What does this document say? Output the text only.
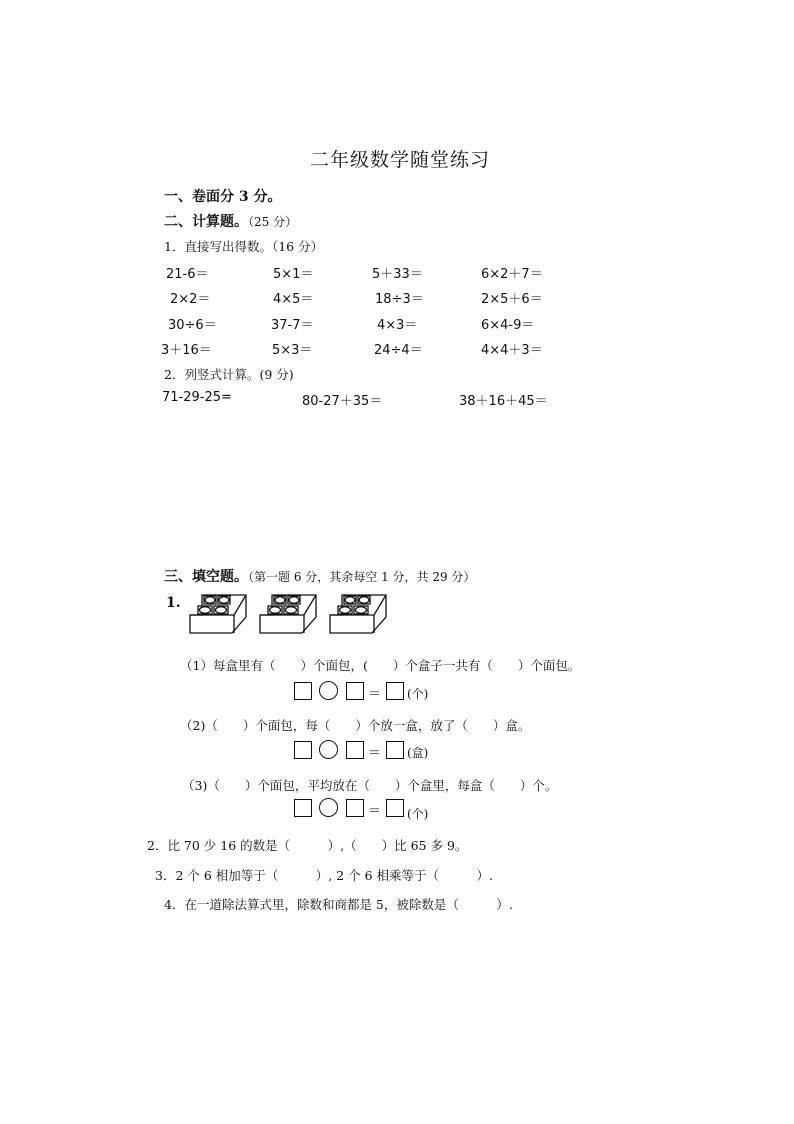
二年级数学随堂练习
一、卷面分 3 分。
二、计算题。（25 分）
1．直接写出得数。（16 分）
21-6＝	5×1＝	5＋33＝	6×2＋7＝
2×2＝	4×5＝	18÷3＝	2×5＋6＝
30÷6＝	37-7＝	4×3＝	6×4-9＝
3＋16＝	5×3＝	24÷4＝	4×4＋3＝
2．列竖式计算。(9 分)
71-29-25=	80-27＋35＝	38＋16＋45＝
三、填空题。（第一题 6 分，其余每空 1 分，共 29 分）
1.
（1）每盒里有（　　）个面包，(　　）个盒子一共有（　　）个面包。
＝ (个)
（2)（　　）个面包，每（　　）个放一盒，放了（　　）盒。
＝ (盒)
（3)（　　）个面包，平均放在（　　）个盒里，每盒（　　）个。
＝ (个)
2．比 70 少 16 的数是（　　　）,（　　）比 65 多 9。
3．2 个 6 相加等于（　　　）, 2 个 6 相乘等于（　　　）.
4．在一道除法算式里，除数和商都是 5，被除数是（　　　）.
